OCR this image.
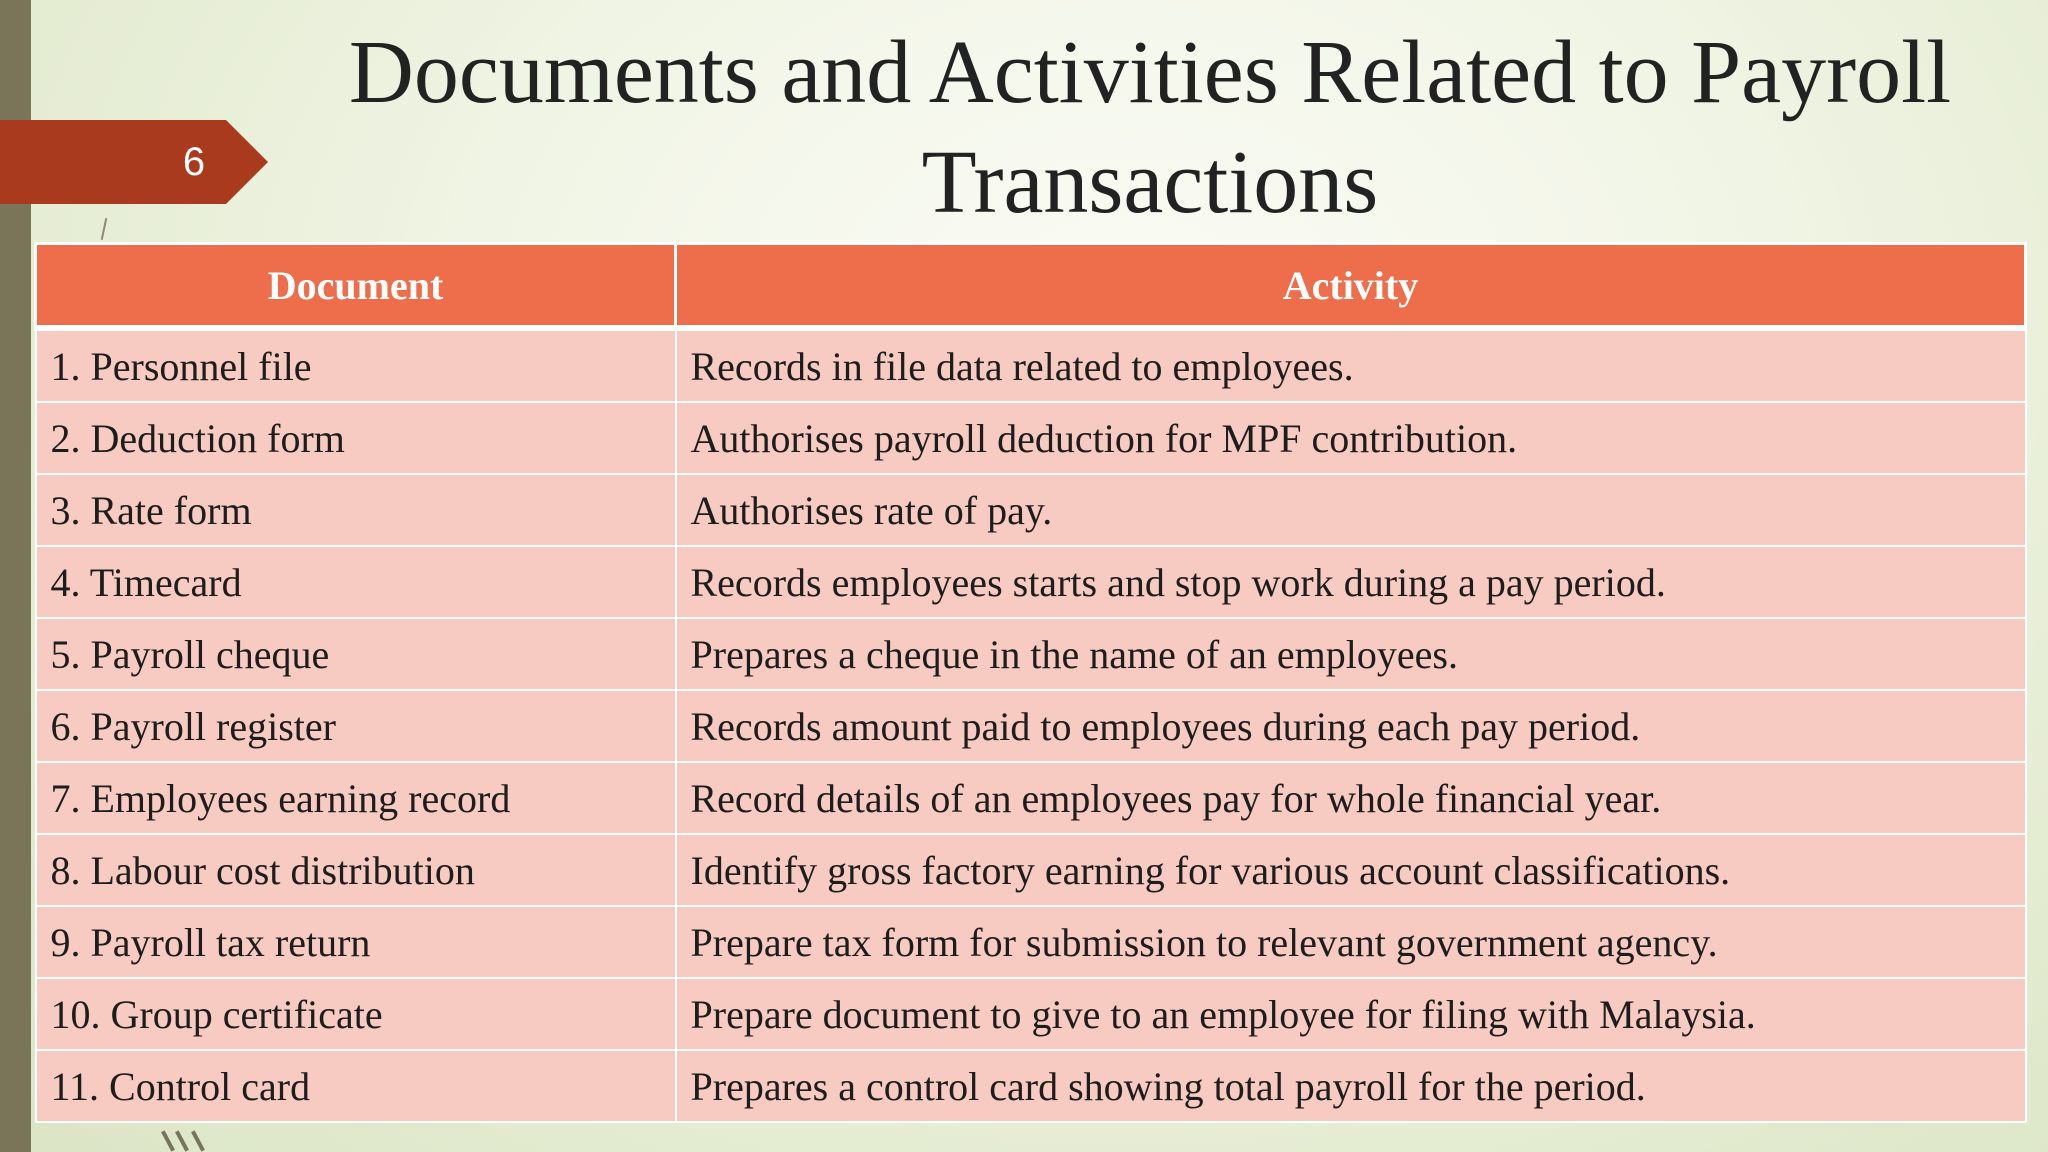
6
Documents and Activities Related to Payroll Transactions
Document	Activity
1. Personnel file	Records in file data related to employees.
2. Deduction form	Authorises payroll deduction for MPF contribution.
3. Rate form	Authorises rate of pay.
4. Timecard	Records employees starts and stop work during a pay period.
5. Payroll cheque	Prepares a cheque in the name of an employees.
6. Payroll register	Records amount paid to employees during each pay period.
7. Employees earning record	Record details of an employees pay for whole financial year.
8. Labour cost distribution	Identify gross factory earning for various account classifications.
9. Payroll tax return	Prepare tax form for submission to relevant government agency.
10. Group certificate	Prepare document to give to an employee for filing with Malaysia.
11. Control card	Prepares a control card showing total payroll for the period.
